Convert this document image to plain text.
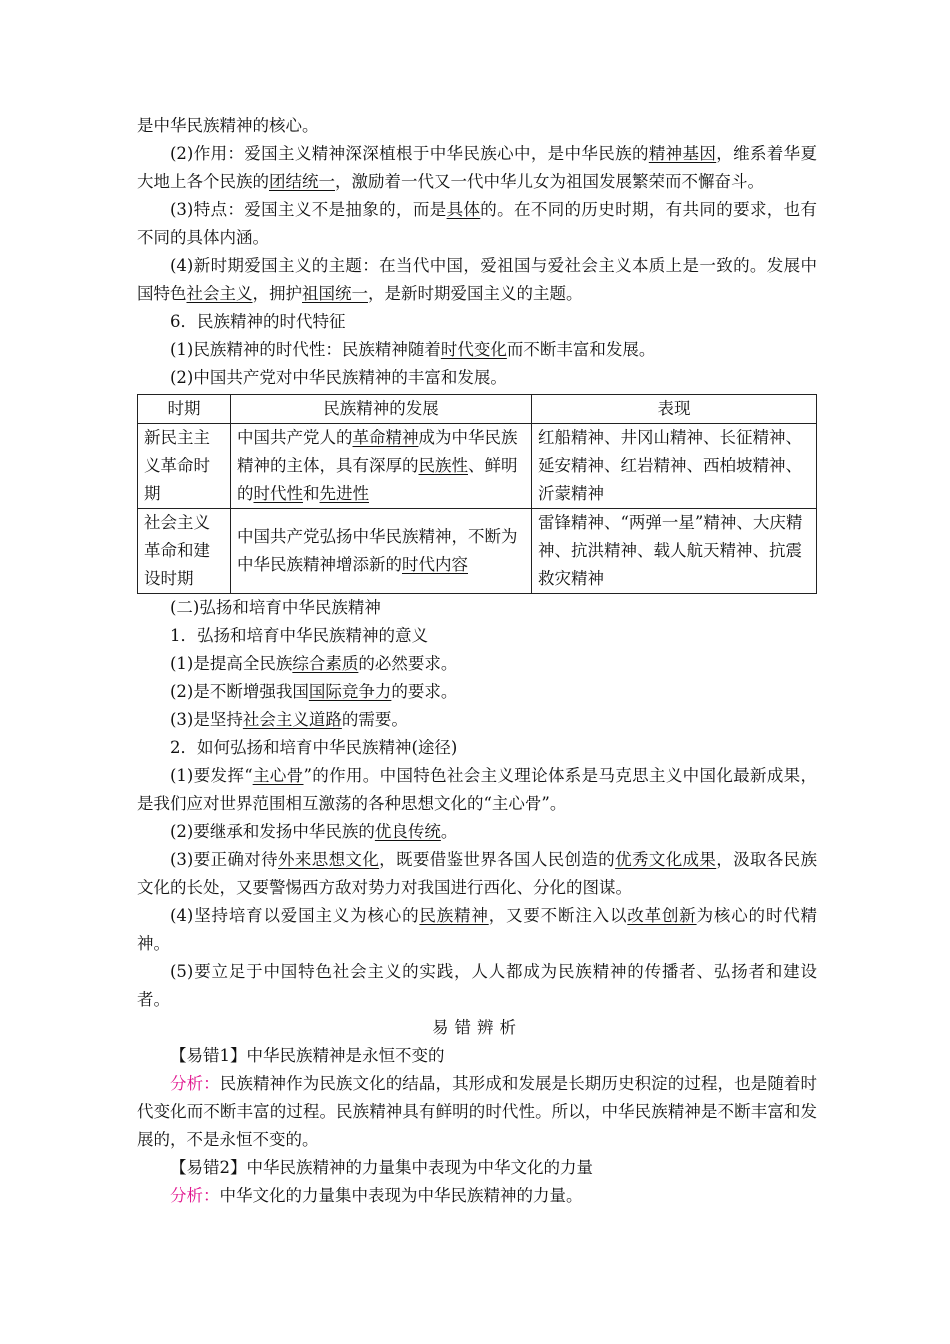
是中华民族精神的核心。

(2)作用：爱国主义精神深深植根于中华民族心中，是中华民族的精神基因，维系着华夏大地上各个民族的团结统一，激励着一代又一代中华儿女为祖国发展繁荣而不懈奋斗。

(3)特点：爱国主义不是抽象的，而是具体的。在不同的历史时期，有共同的要求，也有不同的具体内涵。

(4)新时期爱国主义的主题：在当代中国，爱祖国与爱社会主义本质上是一致的。发展中国特色社会主义，拥护祖国统一，是新时期爱国主义的主题。

6．民族精神的时代特征

(1)民族精神的时代性：民族精神随着时代变化而不断丰富和发展。

(2)中国共产党对中华民族精神的丰富和发展。

时期	民族精神的发展	表现
新民主主义革命时期	中国共产党人的革命精神成为中华民族精神的主体，具有深厚的民族性、鲜明的时代性和先进性	红船精神、井冈山精神、长征精神、延安精神、红岩精神、西柏坡精神、沂蒙精神
社会主义革命和建设时期	中国共产党弘扬中华民族精神，不断为中华民族精神增添新的时代内容	雷锋精神、“两弹一星”精神、大庆精神、抗洪精神、载人航天精神、抗震救灾精神

(二)弘扬和培育中华民族精神

1．弘扬和培育中华民族精神的意义

(1)是提高全民族综合素质的必然要求。

(2)是不断增强我国国际竞争力的要求。

(3)是坚持社会主义道路的需要。

2．如何弘扬和培育中华民族精神(途径)

(1)要发挥“主心骨”的作用。中国特色社会主义理论体系是马克思主义中国化最新成果，是我们应对世界范围相互激荡的各种思想文化的“主心骨”。

(2)要继承和发扬中华民族的优良传统。

(3)要正确对待外来思想文化，既要借鉴世界各国人民创造的优秀文化成果，汲取各民族文化的长处，又要警惕西方敌对势力对我国进行西化、分化的图谋。

(4)坚持培育以爱国主义为核心的民族精神，又要不断注入以改革创新为核心的时代精神。

(5)要立足于中国特色社会主义的实践，人人都成为民族精神的传播者、弘扬者和建设者。

易错辨析

【易错1】中华民族精神是永恒不变的

分析：民族精神作为民族文化的结晶，其形成和发展是长期历史积淀的过程，也是随着时代变化而不断丰富的过程。民族精神具有鲜明的时代性。所以，中华民族精神是不断丰富和发展的，不是永恒不变的。

【易错2】中华民族精神的力量集中表现为中华文化的力量

分析：中华文化的力量集中表现为中华民族精神的力量。
